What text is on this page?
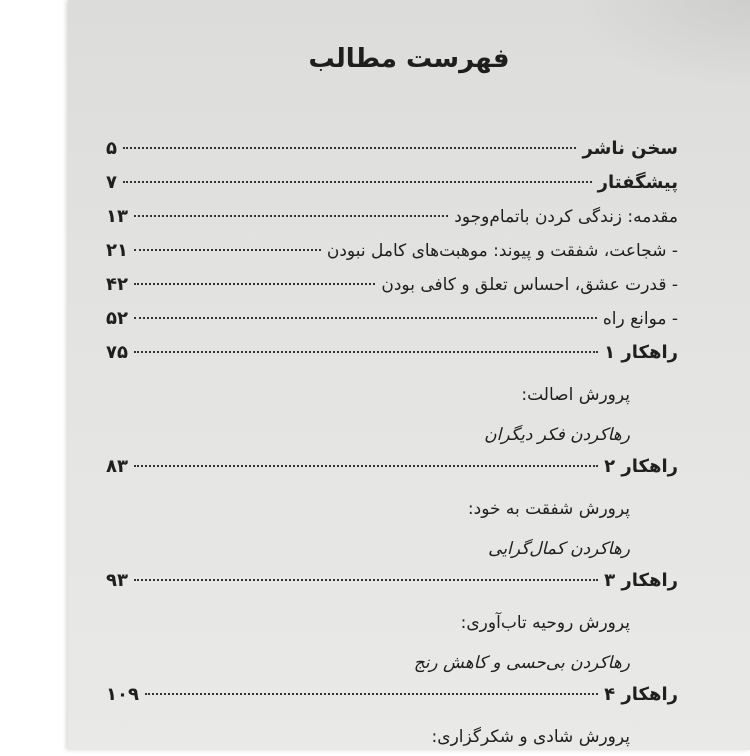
فهرست مطالب
سخن ناشر
۵
پیشگفتار
۷
مقدمه: زندگی کردن باتمام‌وجود
۱۳
- شجاعت، شفقت و پیوند: موهبت‌های کامل نبودن
۲۱
- قدرت عشق، احساس تعلق و کافی بودن
۴۲
- موانع راه
۵۲
راهکار ۱
۷۵
پرورش اصالت:
رهاکردن فکر دیگران
راهکار ۲
۸۳
پرورش شفقت به خود:
رهاکردن کمال‌گرایی
راهکار ۳
۹۳
پرورش روحیه تاب‌آوری:
رهاکردن بی‌حسی و کاهش رنج
راهکار ۴
۱۰۹
پرورش شادی و شکرگزاری:
